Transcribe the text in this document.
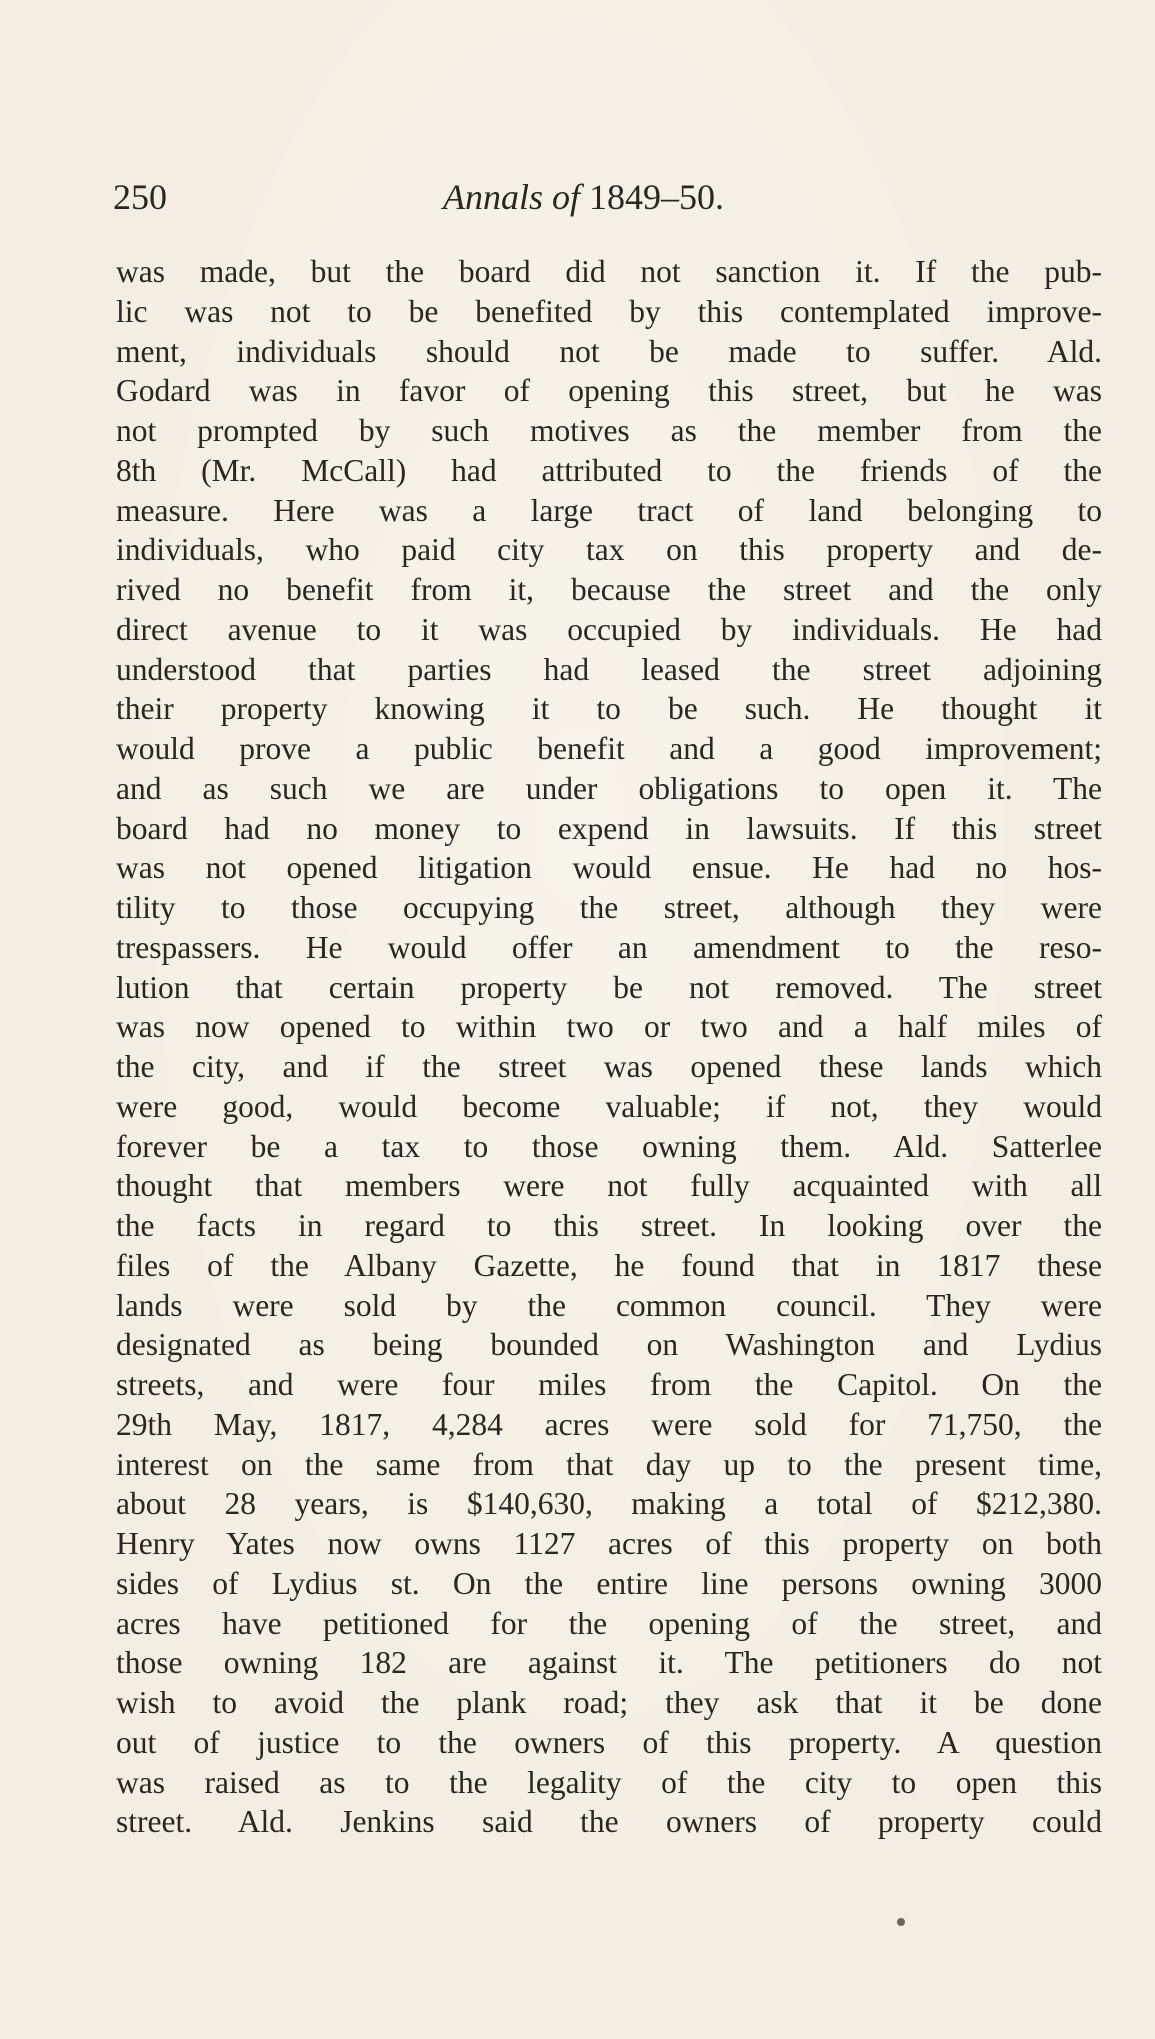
250	Annals of 1849–50.
was made, but the board did not sanction it. If the pub-
lic was not to be benefited by this contemplated improve-
ment, individuals should not be made to suffer. Ald.
Godard was in favor of opening this street, but he was
not prompted by such motives as the member from the
8th (Mr. McCall) had attributed to the friends of the
measure. Here was a large tract of land belonging to
individuals, who paid city tax on this property and de-
rived no benefit from it, because the street and the only
direct avenue to it was occupied by individuals. He had
understood that parties had leased the street adjoining
their property knowing it to be such. He thought it
would prove a public benefit and a good improvement;
and as such we are under obligations to open it. The
board had no money to expend in lawsuits. If this street
was not opened litigation would ensue. He had no hos-
tility to those occupying the street, although they were
trespassers. He would offer an amendment to the reso-
lution that certain property be not removed. The street
was now opened to within two or two and a half miles of
the city, and if the street was opened these lands which
were good, would become valuable; if not, they would
forever be a tax to those owning them. Ald. Satterlee
thought that members were not fully acquainted with all
the facts in regard to this street. In looking over the
files of the Albany Gazette, he found that in 1817 these
lands were sold by the common council. They were
designated as being bounded on Washington and Lydius
streets, and were four miles from the Capitol. On the
29th May, 1817, 4,284 acres were sold for 71,750, the
interest on the same from that day up to the present time,
about 28 years, is $140,630, making a total of $212,380.
Henry Yates now owns 1127 acres of this property on both
sides of Lydius st. On the entire line persons owning 3000
acres have petitioned for the opening of the street, and
those owning 182 are against it. The petitioners do not
wish to avoid the plank road; they ask that it be done
out of justice to the owners of this property. A question
was raised as to the legality of the city to open this
street. Ald. Jenkins said the owners of property could
